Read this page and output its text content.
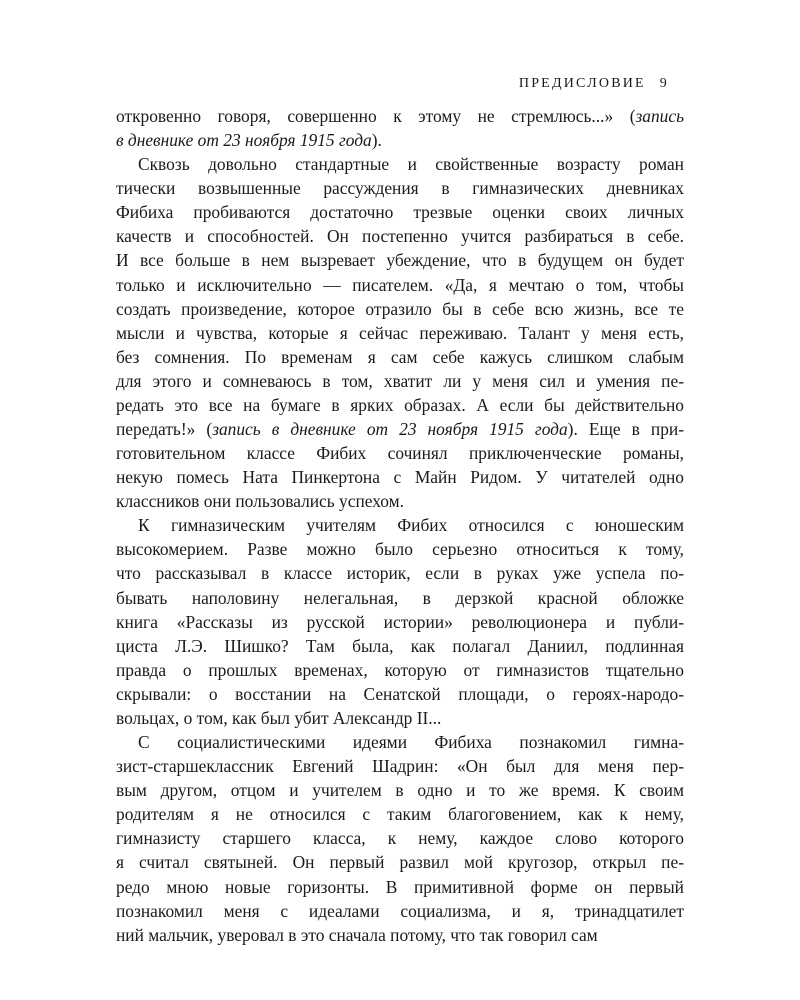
ПРЕДИСЛОВИЕ 9
откровенно говоря, совершенно к этому не стремлюсь...» (запись
в дневнике от 23 ноября 1915 года).
Сквозь довольно стандартные и свойственные возрасту роман
тически возвышенные рассуждения в гимназических дневниках
Фибиха пробиваются достаточно трезвые оценки своих личных
качеств и способностей. Он постепенно учится разбираться в себе.
И все больше в нем вызревает убеждение, что в будущем он будет
только и исключительно — писателем. «Да, я мечтаю о том, чтобы
создать произведение, которое отразило бы в себе всю жизнь, все те
мысли и чувства, которые я сейчас переживаю. Талант у меня есть,
без сомнения. По временам я сам себе кажусь слишком слабым
для этого и сомневаюсь в том, хватит ли у меня сил и умения пе-
редать это все на бумаге в ярких образах. А если бы действительно
передать!» (запись в дневнике от 23 ноября 1915 года). Еще в при-
готовительном классе Фибих сочинял приключенческие романы,
некую помесь Ната Пинкертона с Майн Ридом. У читателей одно
классников они пользовались успехом.
К гимназическим учителям Фибих относился с юношеским
высокомерием. Разве можно было серьезно относиться к тому,
что рассказывал в классе историк, если в руках уже успела по-
бывать наполовину нелегальная, в дерзкой красной обложке
книга «Рассказы из русской истории» революционера и публи-
циста Л.Э. Шишко? Там была, как полагал Даниил, подлинная
правда о прошлых временах, которую от гимназистов тщательно
скрывали: о восстании на Сенатской площади, о героях-народо-
вольцах, о том, как был убит Александр II...
С социалистическими идеями Фибиха познакомил гимна-
зист-старшеклассник Евгений Шадрин: «Он был для меня пер-
вым другом, отцом и учителем в одно и то же время. К своим
родителям я не относился с таким благоговением, как к нему,
гимназисту старшего класса, к нему, каждое слово которого
я считал святыней. Он первый развил мой кругозор, открыл пе-
редо мною новые горизонты. В примитивной форме он первый
познакомил меня с идеалами социализма, и я, тринадцатилет
ний мальчик, уверовал в это сначала потому, что так говорил сам
